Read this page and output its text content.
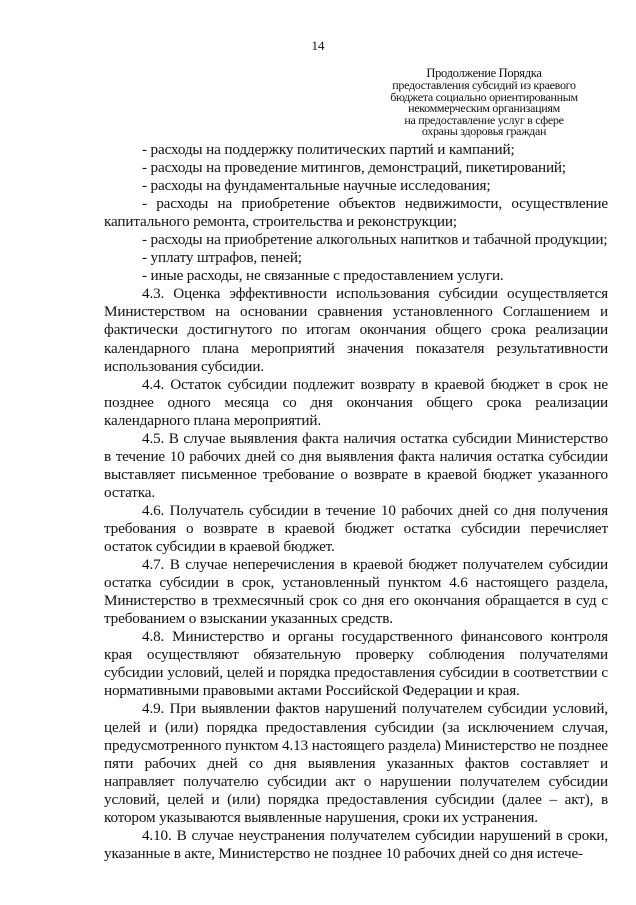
14
Продолжение Порядка
предоставления субсидий из краевого
бюджета социально ориентированным
некоммерческим организациям
на предоставление услуг в сфере
охраны здоровья граждан

- расходы на поддержку политических партий и кампаний;

- расходы на проведение митингов, демонстраций, пикетирований;

- расходы на фундаментальные научные исследования;

- расходы на приобретение объектов недвижимости, осуществление капитального ремонта, строительства и реконструкции;

- расходы на приобретение алкогольных напитков и табачной продукции;

- уплату штрафов, пеней;

- иные расходы, не связанные с предоставлением услуги.

4.3. Оценка эффективности использования субсидии осуществляется Министерством на основании сравнения установленного Соглашением и фактически достигнутого по итогам окончания общего срока реализации календарного плана мероприятий значения показателя результативности использования субсидии.

4.4. Остаток субсидии подлежит возврату в краевой бюджет в срок не позднее одного месяца со дня окончания общего срока реализации календарного плана мероприятий.

4.5. В случае выявления факта наличия остатка субсидии Министерство в течение 10 рабочих дней со дня выявления факта наличия остатка субсидии выставляет письменное требование о возврате в краевой бюджет указанного остатка.

4.6. Получатель субсидии в течение 10 рабочих дней со дня получения требования о возврате в краевой бюджет остатка субсидии перечисляет остаток субсидии в краевой бюджет.

4.7. В случае неперечисления в краевой бюджет получателем субсидии остатка субсидии в срок, установленный пунктом 4.6 настоящего раздела, Министерство в трехмесячный срок со дня его окончания обращается в суд с требованием о взыскании указанных средств.

4.8. Министерство и органы государственного финансового контроля края осуществляют обязательную проверку соблюдения получателями субсидии условий, целей и порядка предоставления субсидии в соответствии с нормативными правовыми актами Российской Федерации и края.

4.9. При выявлении фактов нарушений получателем субсидии условий, целей и (или) порядка предоставления субсидии (за исключением случая, предусмотренного пунктом 4.13 настоящего раздела) Министерство не позднее пяти рабочих дней со дня выявления указанных фактов составляет и направляет получателю субсидии акт о нарушении получателем субсидии условий, целей и (или) порядка предоставления субсидии (далее – акт), в котором указываются выявленные нарушения, сроки их устранения.

4.10. В случае неустранения получателем субсидии нарушений в сроки, указанные в акте, Министерство не позднее 10 рабочих дней со дня истече-
